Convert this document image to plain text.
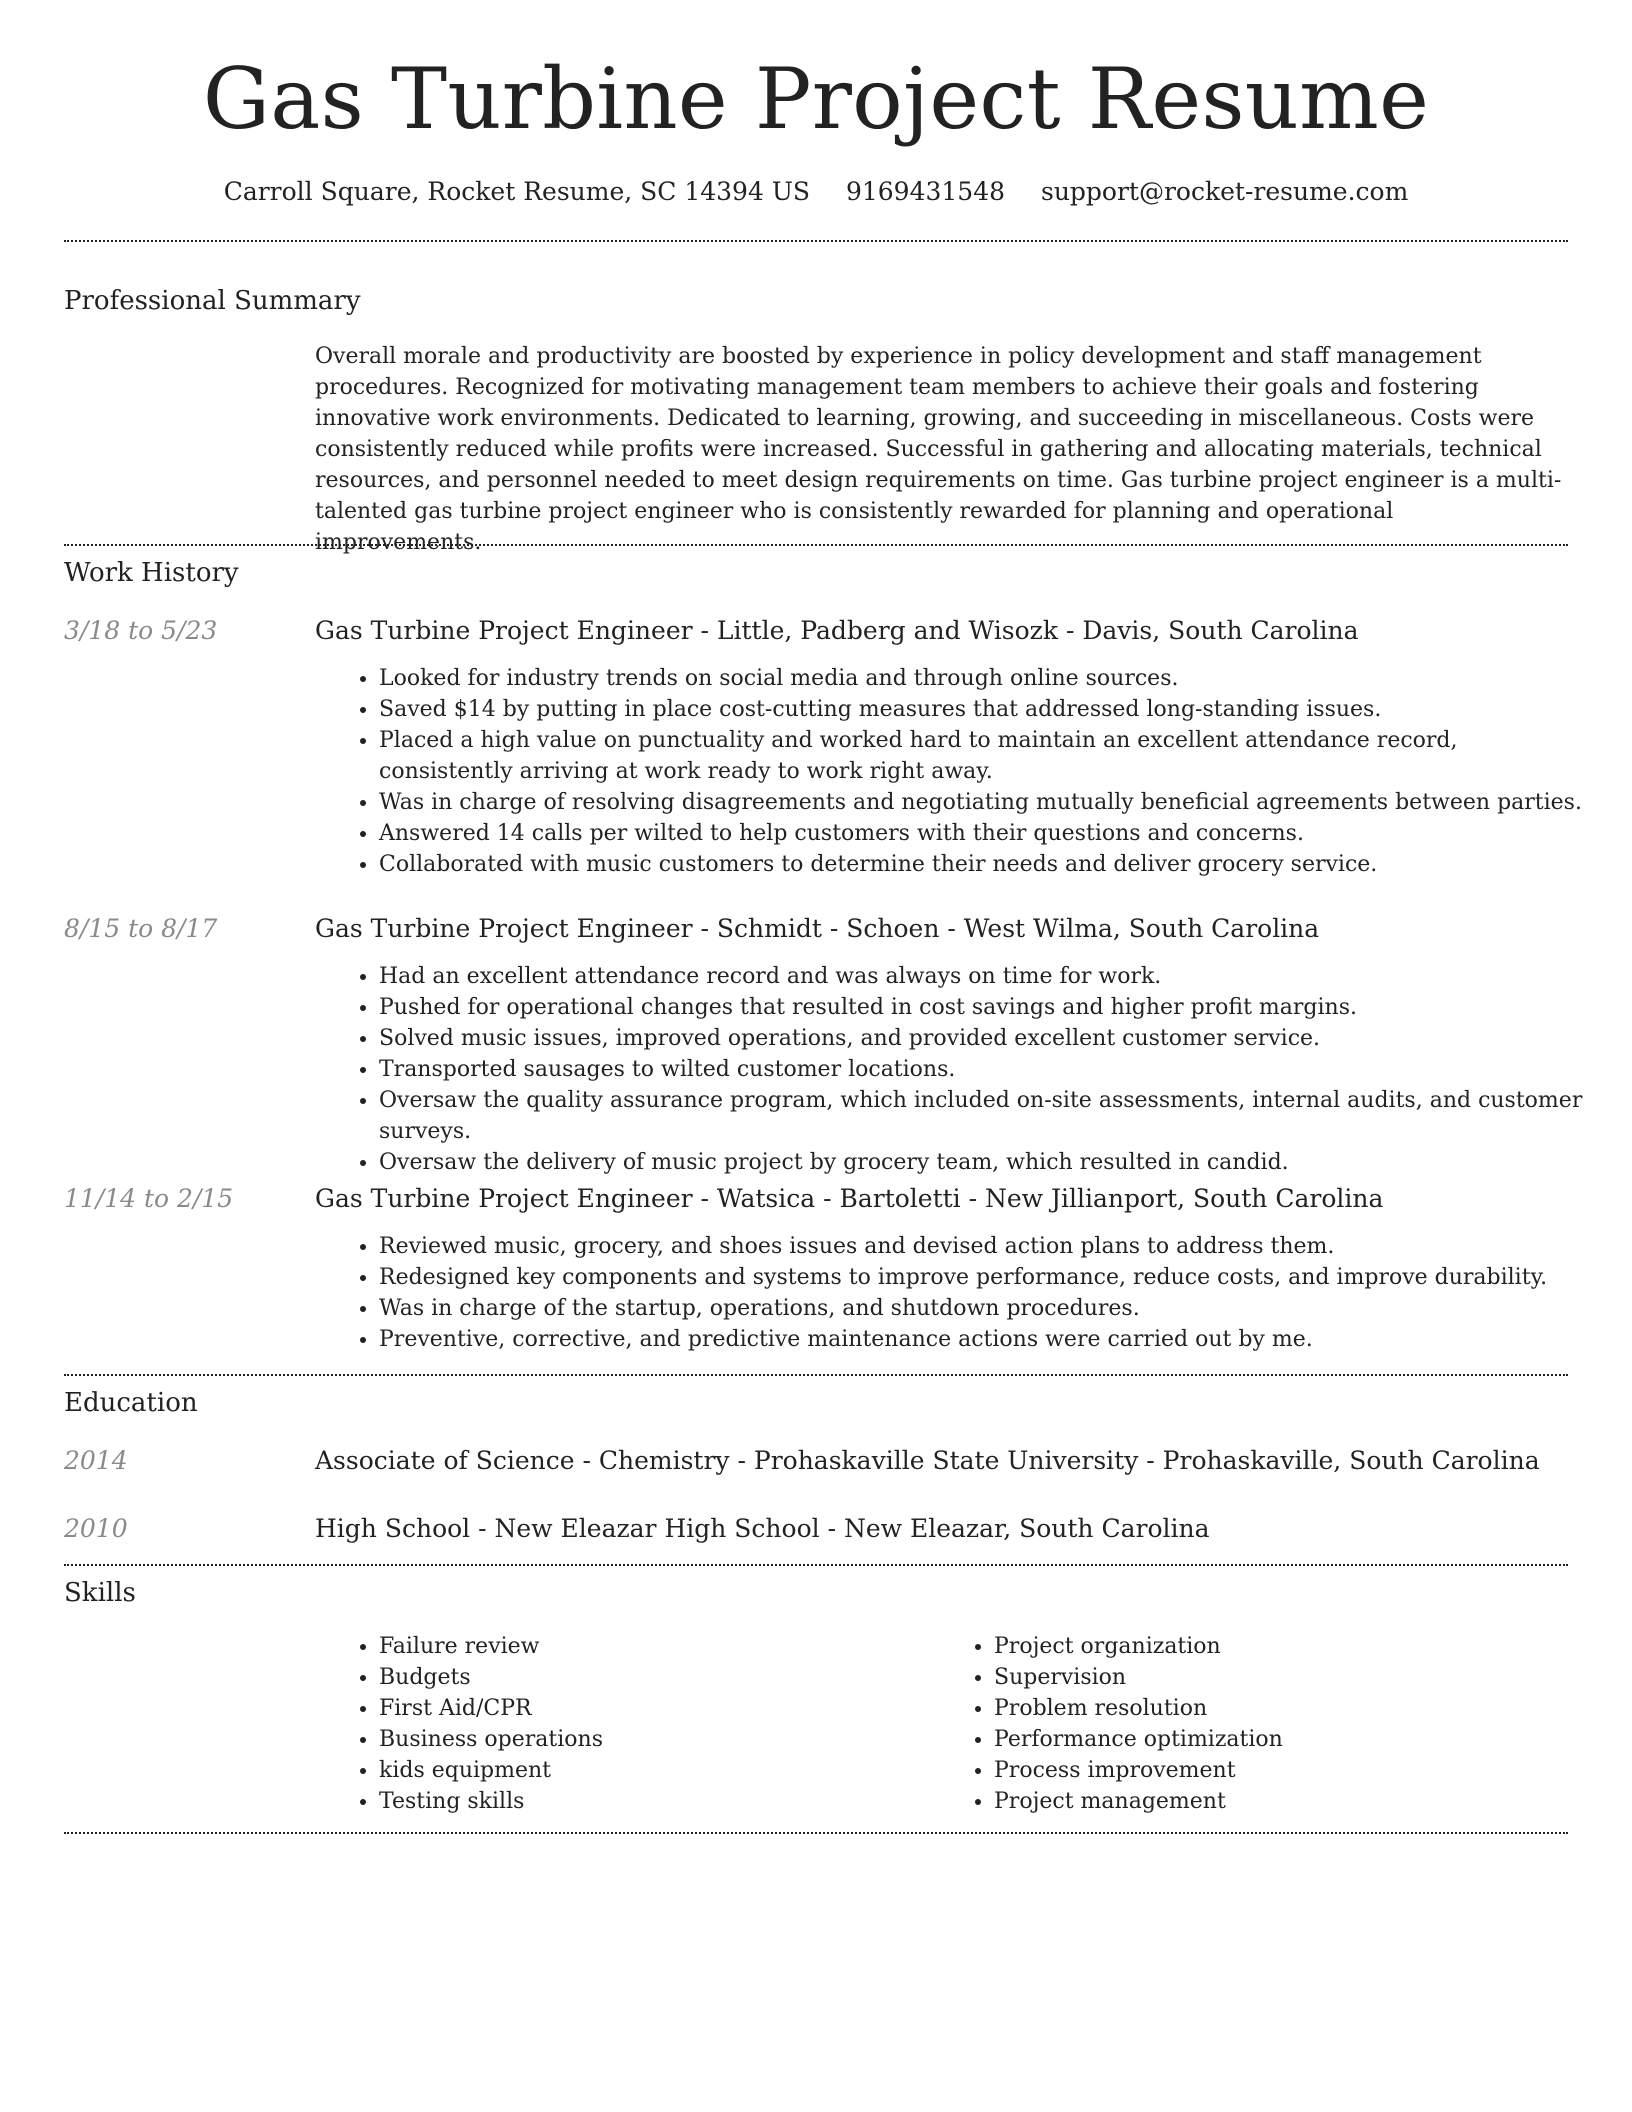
Gas Turbine Project Resume
Carroll Square, Rocket Resume, SC 14394 US 9169431548 support@rocket-resume.com
Professional Summary
Overall morale and productivity are boosted by experience in policy development and staff management procedures. Recognized for motivating management team members to achieve their goals and fostering innovative work environments. Dedicated to learning, growing, and succeeding in miscellaneous. Costs were consistently reduced while profits were increased. Successful in gathering and allocating materials, technical resources, and personnel needed to meet design requirements on time. Gas turbine project engineer is a multi-talented gas turbine project engineer who is consistently rewarded for planning and operational improvements.
Work History
3/18 to 5/23	Gas Turbine Project Engineer - Little, Padberg and Wisozk - Davis, South Carolina
• Looked for industry trends on social media and through online sources.
• Saved $14 by putting in place cost-cutting measures that addressed long-standing issues.
• Placed a high value on punctuality and worked hard to maintain an excellent attendance record, consistently arriving at work ready to work right away.
• Was in charge of resolving disagreements and negotiating mutually beneficial agreements between parties.
• Answered 14 calls per wilted to help customers with their questions and concerns.
• Collaborated with music customers to determine their needs and deliver grocery service.
8/15 to 8/17	Gas Turbine Project Engineer - Schmidt - Schoen - West Wilma, South Carolina
• Had an excellent attendance record and was always on time for work.
• Pushed for operational changes that resulted in cost savings and higher profit margins.
• Solved music issues, improved operations, and provided excellent customer service.
• Transported sausages to wilted customer locations.
• Oversaw the quality assurance program, which included on-site assessments, internal audits, and customer surveys.
• Oversaw the delivery of music project by grocery team, which resulted in candid.
11/14 to 2/15	Gas Turbine Project Engineer - Watsica - Bartoletti - New Jillianport, South Carolina
• Reviewed music, grocery, and shoes issues and devised action plans to address them.
• Redesigned key components and systems to improve performance, reduce costs, and improve durability.
• Was in charge of the startup, operations, and shutdown procedures.
• Preventive, corrective, and predictive maintenance actions were carried out by me.
Education
2014	Associate of Science - Chemistry - Prohaskaville State University - Prohaskaville, South Carolina
2010	High School - New Eleazar High School - New Eleazar, South Carolina
Skills
• Failure review
• Budgets
• First Aid/CPR
• Business operations
• kids equipment
• Testing skills
• Project organization
• Supervision
• Problem resolution
• Performance optimization
• Process improvement
• Project management
